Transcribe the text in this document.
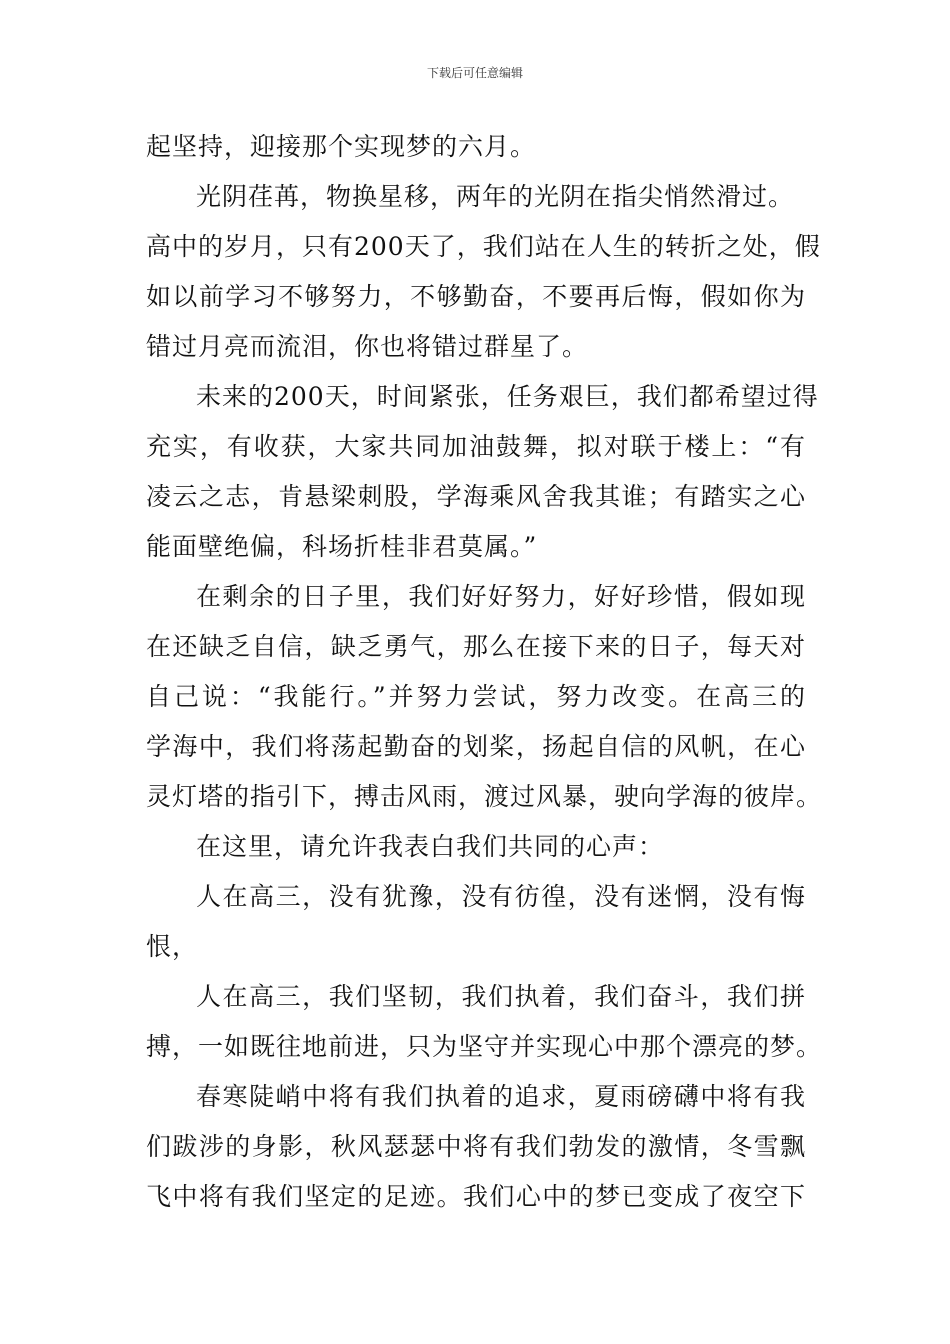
下载后可任意编辑
起坚持，迎接那个实现梦的六月。
光阴荏苒，物换星移，两年的光阴在指尖悄然滑过。
高中的岁月，只有200天了，我们站在人生的转折之处，假
如以前学习不够努力，不够勤奋，不要再后悔，假如你为
错过月亮而流泪，你也将错过群星了。
未来的200天，时间紧张，任务艰巨，我们都希望过得
充实，有收获，大家共同加油鼓舞，拟对联于楼上：“有
凌云之志，肯悬梁刺股，学海乘风舍我其谁；有踏实之心
能面壁绝偏，科场折桂非君莫属。”
在剩余的日子里，我们好好努力，好好珍惜，假如现
在还缺乏自信，缺乏勇气，那么在接下来的日子，每天对
自己说：“我能行。”并努力尝试，努力改变。在高三的
学海中，我们将荡起勤奋的划桨，扬起自信的风帆，在心
灵灯塔的指引下，搏击风雨，渡过风暴，驶向学海的彼岸。
在这里，请允许我表白我们共同的心声：
人在高三，没有犹豫，没有彷徨，没有迷惘，没有悔
恨，
人在高三，我们坚韧，我们执着，我们奋斗，我们拼
搏，一如既往地前进，只为坚守并实现心中那个漂亮的梦。
春寒陡峭中将有我们执着的追求，夏雨磅礴中将有我
们跋涉的身影，秋风瑟瑟中将有我们勃发的激情，冬雪飘
飞中将有我们坚定的足迹。我们心中的梦已变成了夜空下
